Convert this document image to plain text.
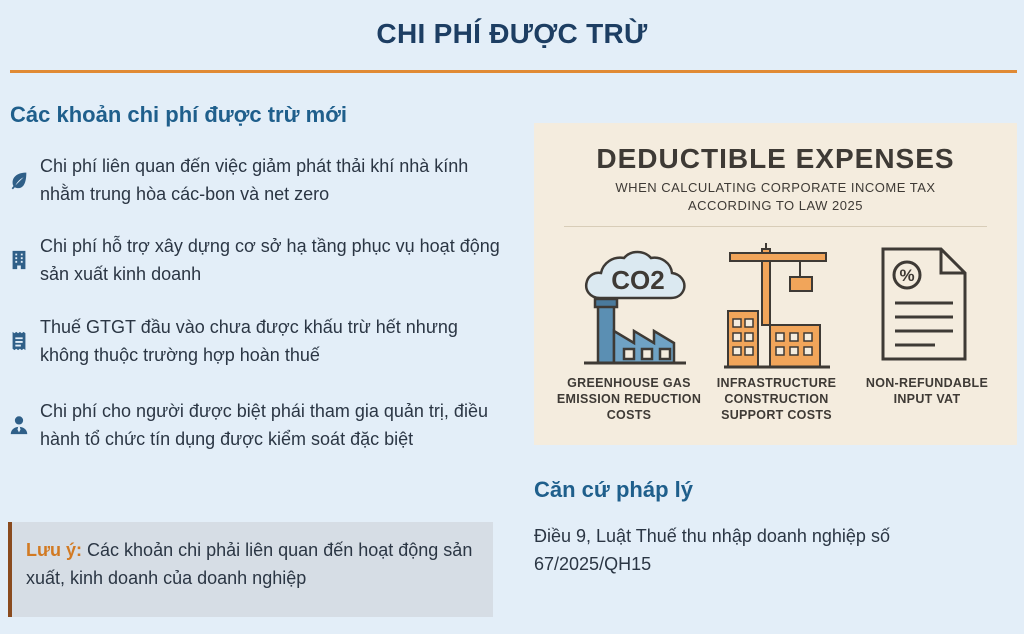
CHI PHÍ ĐƯỢC TRỪ
Các khoản chi phí được trừ mới
Chi phí liên quan đến việc giảm phát thải khí nhà kính nhằm trung hòa các-bon và net zero
Chi phí hỗ trợ xây dựng cơ sở hạ tầng phục vụ hoạt động sản xuất kinh doanh
Thuế GTGT đầu vào chưa được khấu trừ hết nhưng không thuộc trường hợp hoàn thuế
Chi phí cho người được biệt phái tham gia quản trị, điều hành tổ chức tín dụng được kiểm soát đặc biệt
Lưu ý: Các khoản chi phải liên quan đến hoạt động sản xuất, kinh doanh của doanh nghiệp
DEDUCTIBLE EXPENSES
WHEN CALCULATING CORPORATE INCOME TAX
ACCORDING TO LAW 2025
CO2	%
GREENHOUSE GAS
EMISSION REDUCTION
COSTS
INFRASTRUCTURE
CONSTRUCTION
SUPPORT COSTS
NON-REFUNDABLE
INPUT VAT
Căn cứ pháp lý
Điều 9, Luật Thuế thu nhập doanh nghiệp số 67/2025/QH15
